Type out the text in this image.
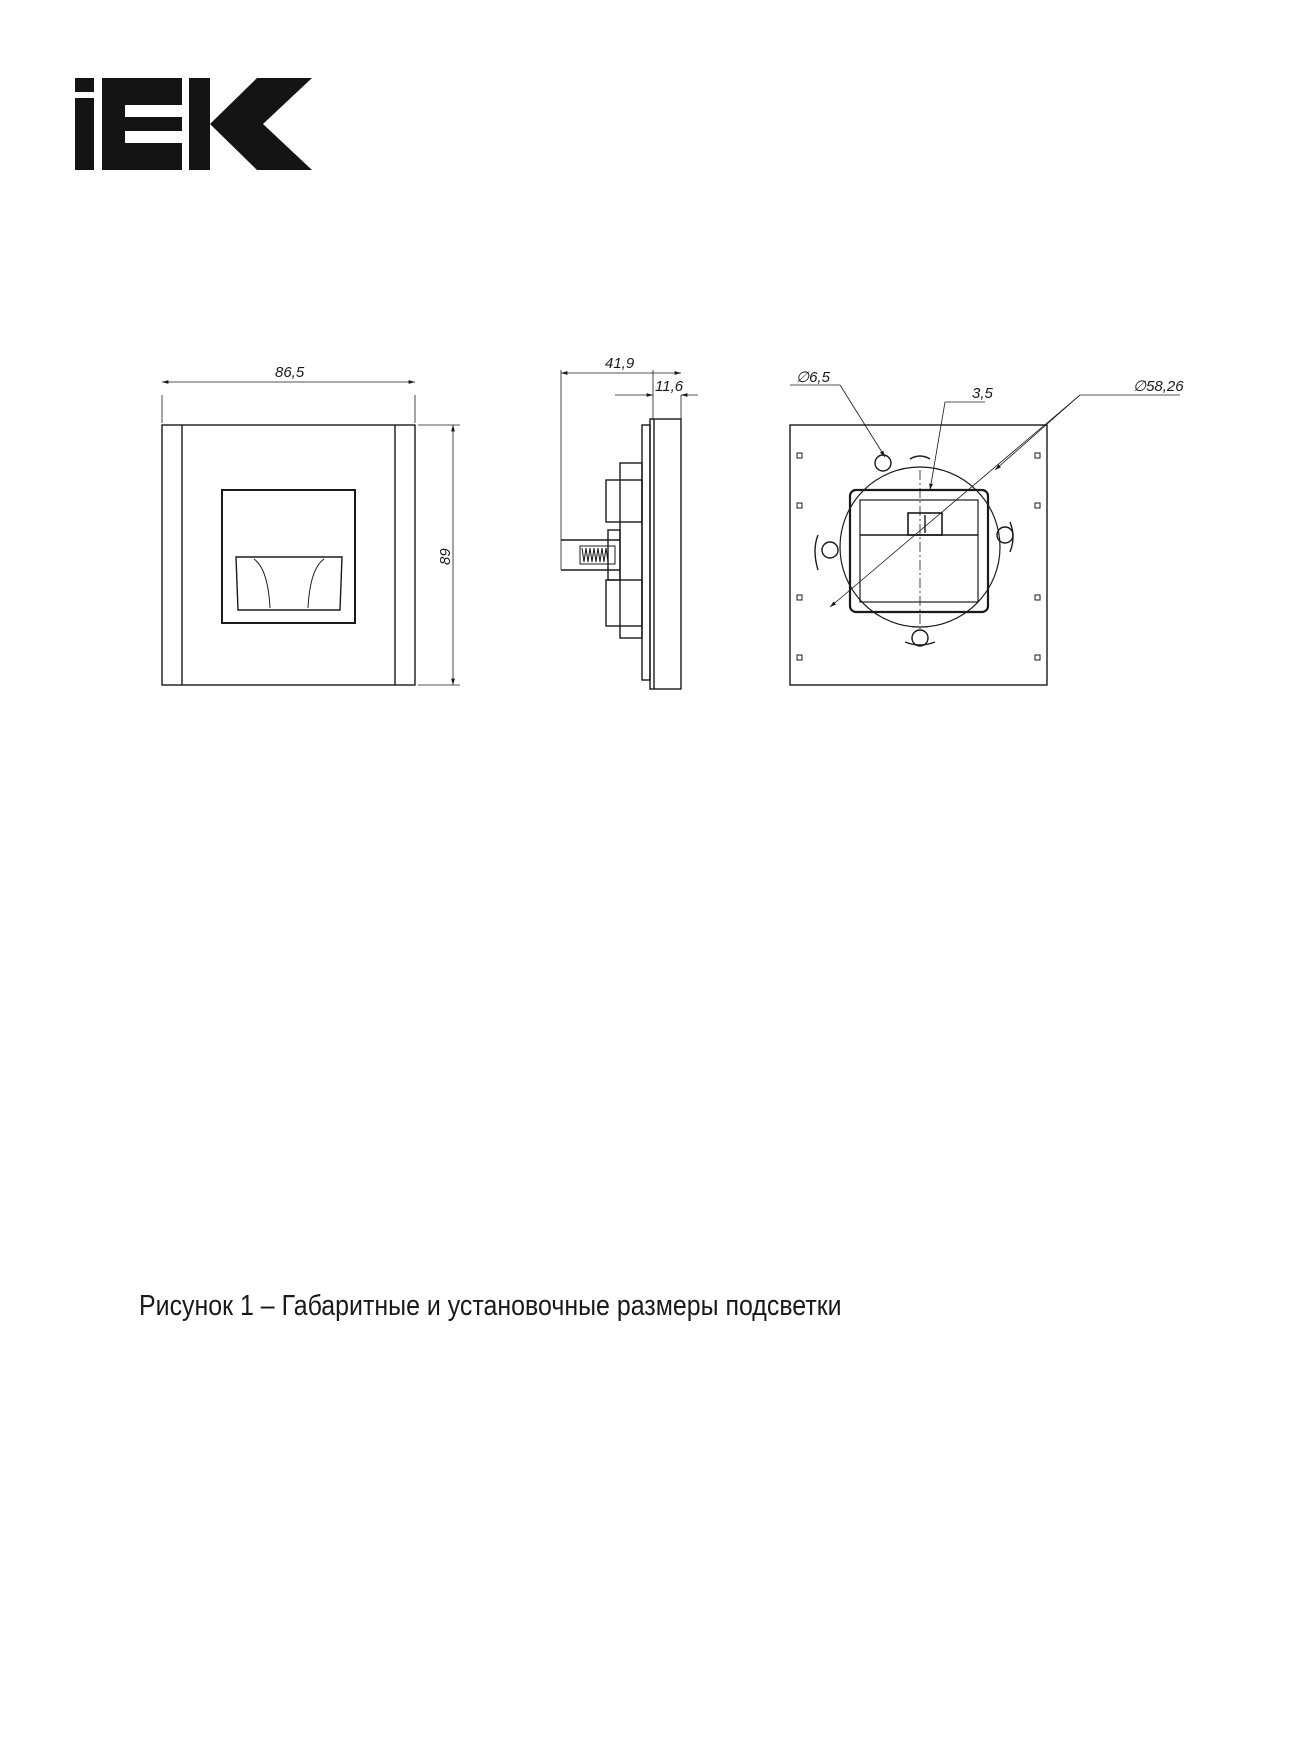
86,5
89
41,9
11,6
∅6,5
3,5	∅58,26
Рисунок 1 – Габаритные и установочные размеры подсветки
